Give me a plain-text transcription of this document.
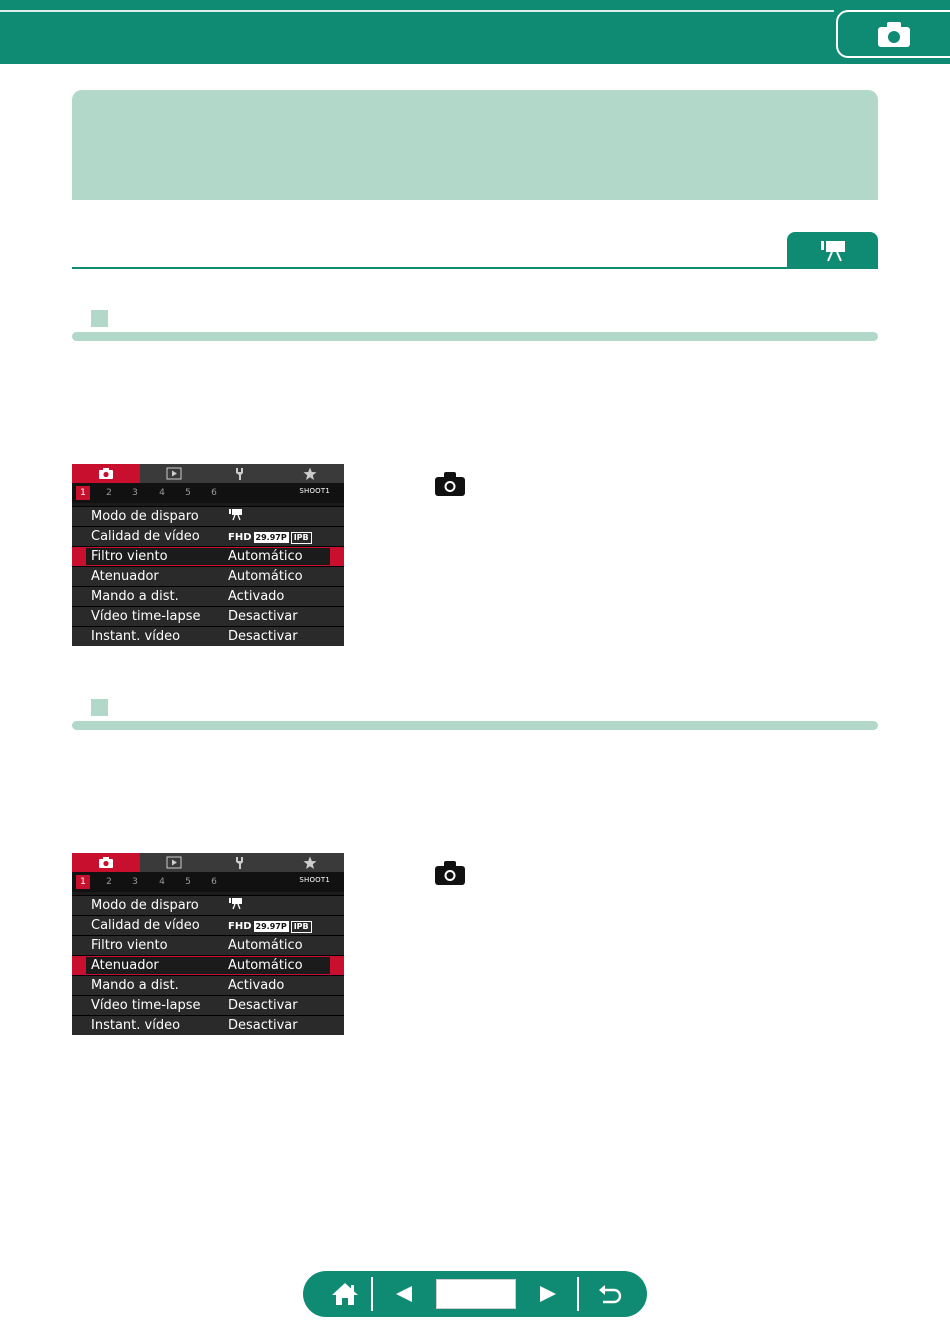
1	2	3	4	5	6	SHOOT1
Modo de disparo
Calidad de vídeo	FHD 29.97P IPB
Filtro viento	Automático
Atenuador	Automático
Mando a dist.	Activado
Vídeo time-lapse Desactivar
Instant. vídeo	Desactivar
1	2	3	4	5	6	SHOOT1
Modo de disparo
Calidad de vídeo	FHD 29.97P IPB
Filtro viento	Automático
Atenuador	Automático
Mando a dist.	Activado
Vídeo time-lapse Desactivar
Instant. vídeo	Desactivar
